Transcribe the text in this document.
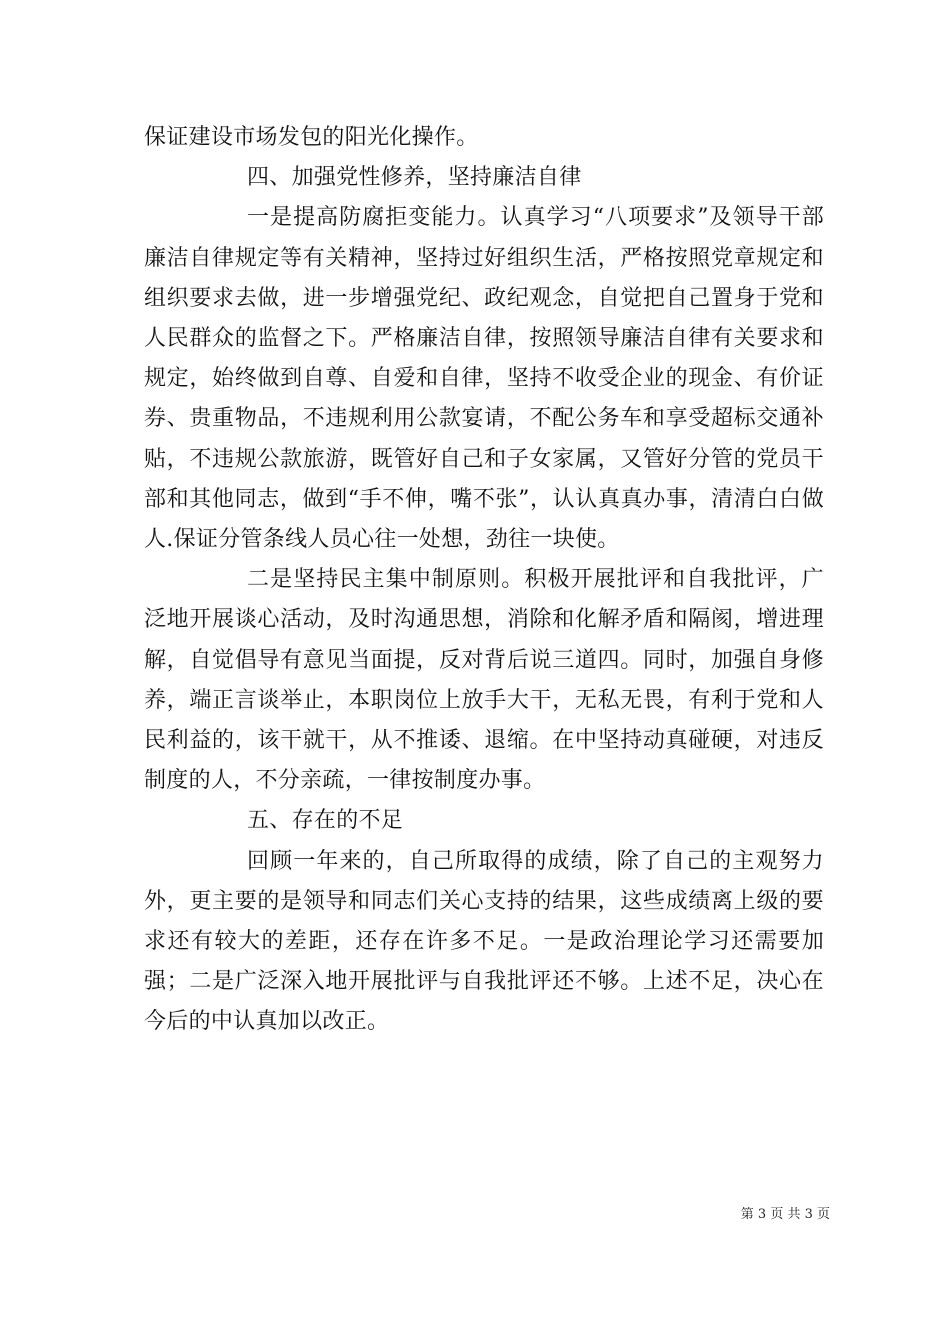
保证建设市场发包的阳光化操作。

四、加强党性修养，坚持廉洁自律

一是提高防腐拒变能力。认真学习“八项要求”及领导干部廉洁自律规定等有关精神，坚持过好组织生活，严格按照党章规定和组织要求去做，进一步增强党纪、政纪观念，自觉把自己置身于党和人民群众的监督之下。严格廉洁自律，按照领导廉洁自律有关要求和规定，始终做到自尊、自爱和自律，坚持不收受企业的现金、有价证券、贵重物品，不违规利用公款宴请，不配公务车和享受超标交通补贴，不违规公款旅游，既管好自己和子女家属，又管好分管的党员干部和其他同志，做到“手不伸，嘴不张”，认认真真办事，清清白白做人.保证分管条线人员心往一处想，劲往一块使。

二是坚持民主集中制原则。积极开展批评和自我批评，广泛地开展谈心活动，及时沟通思想，消除和化解矛盾和隔阂，增进理解，自觉倡导有意见当面提，反对背后说三道四。同时，加强自身修养，端正言谈举止，本职岗位上放手大干，无私无畏，有利于党和人民利益的，该干就干，从不推诿、退缩。在中坚持动真碰硬，对违反制度的人，不分亲疏，一律按制度办事。

五、存在的不足

回顾一年来的，自己所取得的成绩，除了自己的主观努力外，更主要的是领导和同志们关心支持的结果，这些成绩离上级的要求还有较大的差距，还存在许多不足。一是政治理论学习还需要加强；二是广泛深入地开展批评与自我批评还不够。上述不足，决心在今后的中认真加以改正。

第 3 页 共 3 页
